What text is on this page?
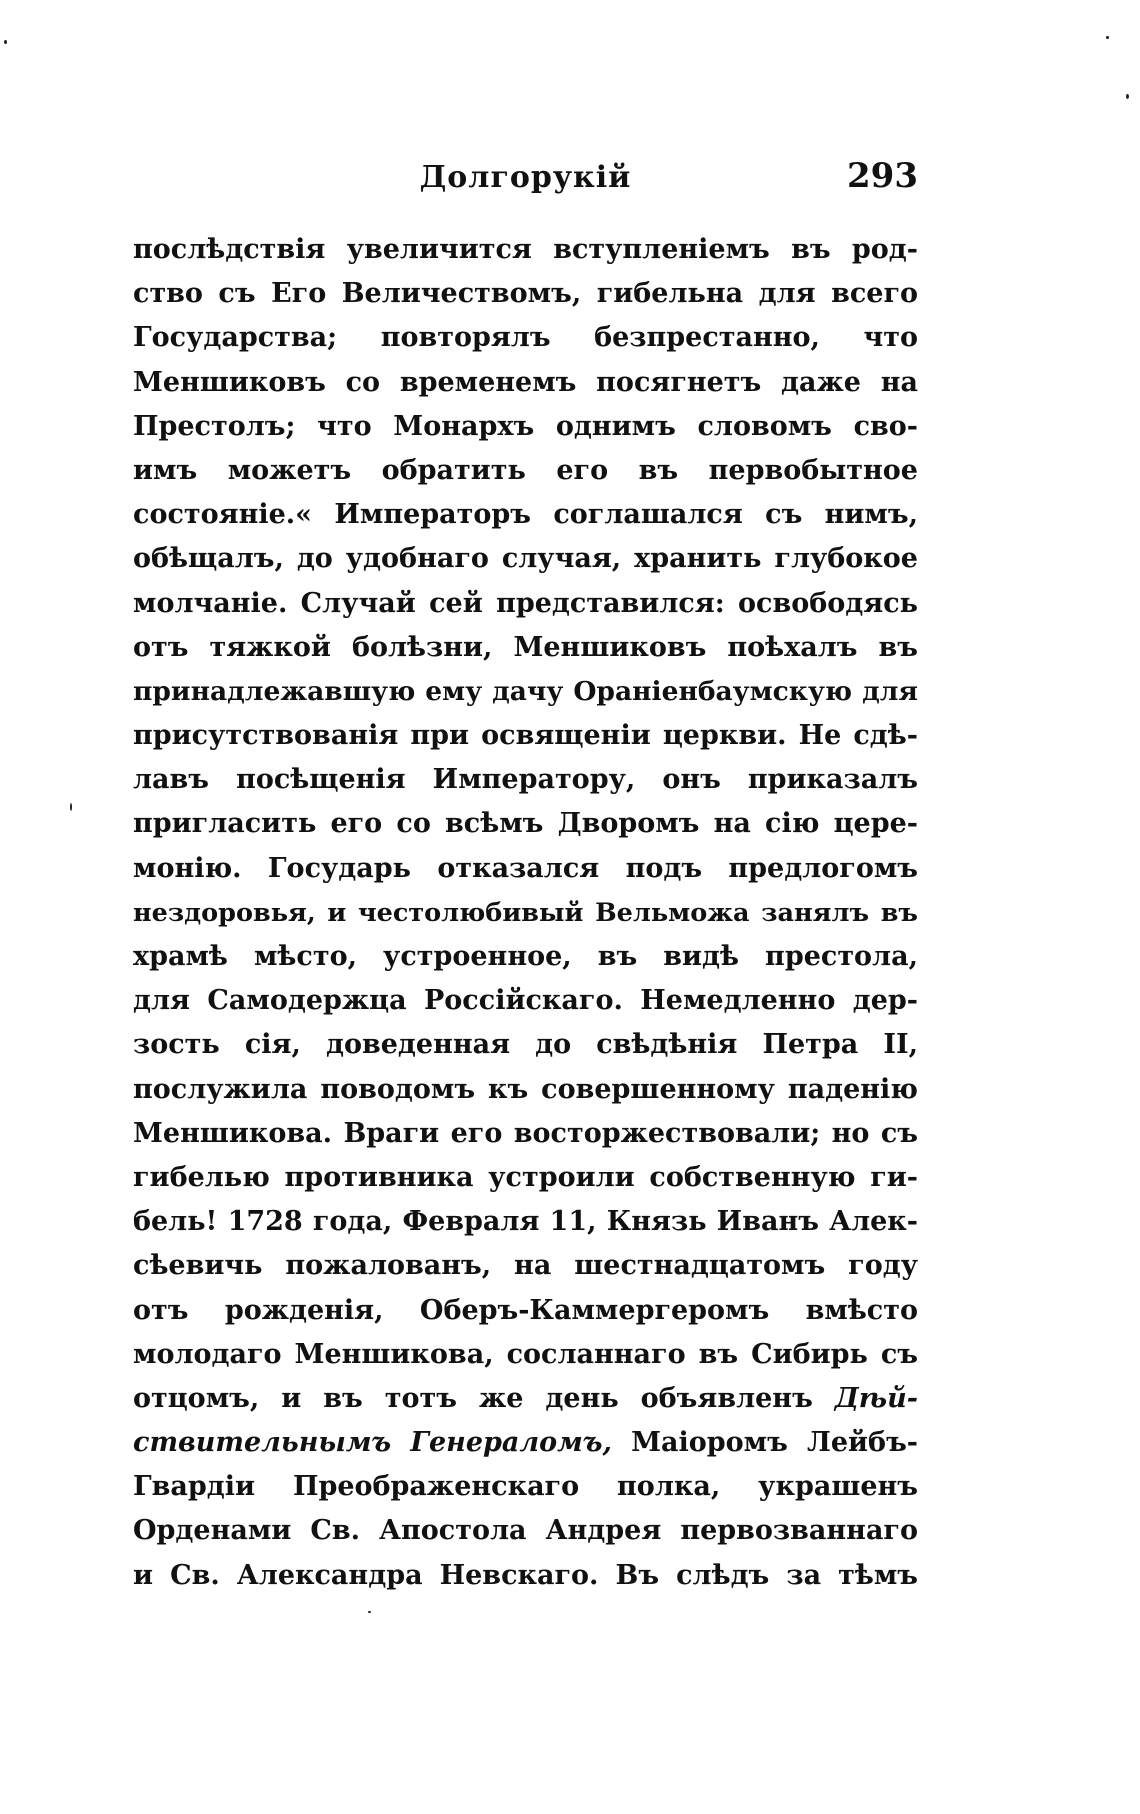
Долгорукій	293
послѣдствія увеличится вступленіемъ въ род-
ство съ Его Величествомъ, гибельна для всего
Государства; повторялъ безпрестанно, что
Меншиковъ со временемъ посягнетъ даже на
Престолъ; что Монархъ однимъ словомъ сво-
имъ можетъ обратить его въ первобытное
состояніе.« Императоръ соглашался съ нимъ,
обѣщалъ, до удобнаго случая, хранить глубокое
молчаніе. Случай сей представился: освободясь
отъ тяжкой болѣзни, Меншиковъ поѣхалъ въ
принадлежавшую ему дачу Ораніенбаумскую для
присутствованія при освященіи церкви. Не сдѣ-
лавъ посѣщенія Императору, онъ приказалъ
пригласить его со всѣмъ Дворомъ на сію цере-
монію. Государь отказался подъ предлогомъ
нездоровья, и честолюбивый Вельможа занялъ въ
храмѣ мѣсто, устроенное, въ видѣ престола,
для Самодержца Россійскаго. Немедленно дер-
зость сія, доведенная до свѣдѣнія Петра II,
послужила поводомъ къ совершенному паденію
Меншикова. Враги его восторжествовали; но съ
гибелью противника устроили собственную ги-
бель! 1728 года, Февраля 11, Князь Иванъ Алек-
сѣевичь пожалованъ, на шестнадцатомъ году
отъ рожденія, Оберъ-Каммергеромъ вмѣсто
молодаго Меншикова, сосланнаго въ Сибирь съ
отцомъ, и въ тотъ же день объявленъ Дѣй-
ствительнымъ Генераломъ, Маіоромъ Лейбъ-
Гвардіи Преображенскаго полка, украшенъ
Орденами Св. Апостола Андрея первозваннаго
и Св. Александра Невскаго. Въ слѣдъ за тѣмъ
